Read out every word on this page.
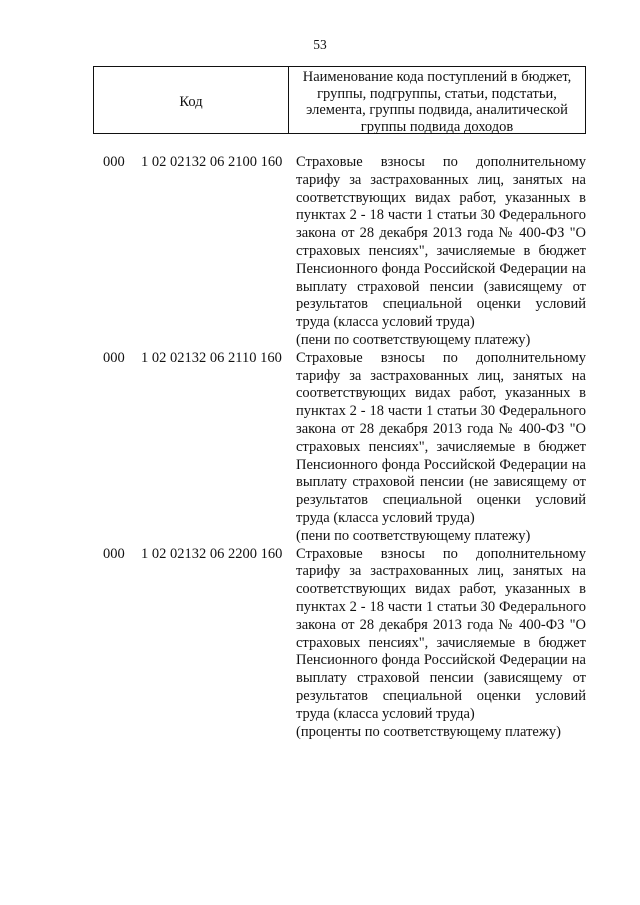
53
Код
Наименование кода поступлений в бюджет,
группы, подгруппы, статьи, подстатьи,
элемента, группы подвида, аналитической
группы подвида доходов
000 1 02 02132 06 2100 160 Страховые взносы по дополнительному тарифу за застрахованных лиц, занятых на соответствующих видах работ, указанных в пунктах 2 - 18 части 1 статьи 30 Федерального закона от 28 декабря 2013 года № 400-ФЗ "О страховых пенсиях", зачисляемые в бюджет Пенсионного фонда Российской Федерации на выплату страховой пенсии (зависящему от результатов специальной оценки условий труда (класса условий труда)
(пени по соответствующему платежу)
000 1 02 02132 06 2110 160 Страховые взносы по дополнительному тарифу за застрахованных лиц, занятых на соответствующих видах работ, указанных в пунктах 2 - 18 части 1 статьи 30 Федерального закона от 28 декабря 2013 года № 400-ФЗ "О страховых пенсиях", зачисляемые в бюджет Пенсионного фонда Российской Федерации на выплату страховой пенсии (не зависящему от результатов специальной оценки условий труда (класса условий труда)
(пени по соответствующему платежу)
000 1 02 02132 06 2200 160 Страховые взносы по дополнительному тарифу за застрахованных лиц, занятых на соответствующих видах работ, указанных в пунктах 2 - 18 части 1 статьи 30 Федерального закона от 28 декабря 2013 года № 400-ФЗ "О страховых пенсиях", зачисляемые в бюджет Пенсионного фонда Российской Федерации на выплату страховой пенсии (зависящему от результатов специальной оценки условий труда (класса условий труда)
(проценты по соответствующему платежу)
